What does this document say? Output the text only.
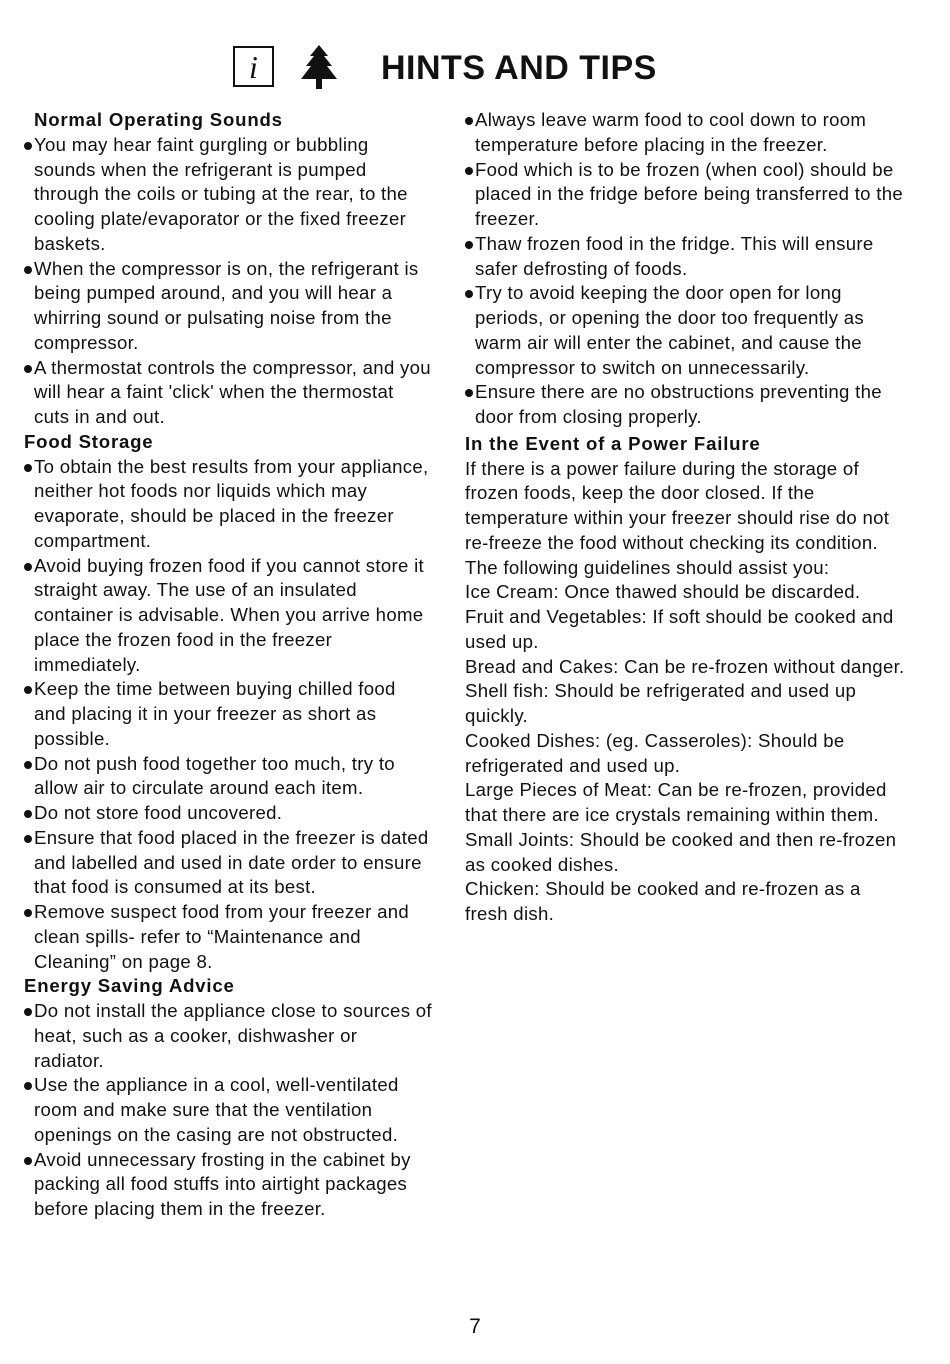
i	HINTS AND TIPS

Normal Operating Sounds

You may hear faint gurgling or bubbling sounds when the refrigerant is pumped through the coils or tubing at the rear, to the cooling plate/evaporator or the fixed freezer baskets.

When the compressor is on, the refrigerant is being pumped around, and you will hear a whirring sound or pulsating noise from the compressor.

A thermostat controls the compressor, and you will hear a faint 'click' when the thermostat cuts in and out.

Food Storage

To obtain the best results from your appliance, neither hot foods nor liquids which may evaporate, should be placed in the freezer compartment.

Avoid buying frozen food if you cannot store it straight away. The use of an insulated container is advisable. When you arrive home place the frozen food in the freezer immediately.

Keep the time between buying chilled food and placing it in your freezer as short as possible.

Do not push food together too much, try to allow air to circulate around each item.

Do not store food uncovered.

Ensure that food placed in the freezer is dated and labelled and used in date order to ensure that food is consumed at its best.

Remove suspect food from your freezer and clean spills- refer to “Maintenance and Cleaning” on page 8.

Energy Saving Advice

Do not install the appliance close to sources of heat, such as a cooker, dishwasher or radiator.

Use the appliance in a cool, well-ventilated room and make sure that the ventilation openings on the casing are not obstructed.

Avoid unnecessary frosting in the cabinet by packing all food stuffs into airtight packages before placing them in the freezer.

Always leave warm food to cool down to room temperature before placing in the freezer.

Food which is to be frozen (when cool) should be placed in the fridge before being transferred to the freezer.

Thaw frozen food in the fridge. This will ensure safer defrosting of foods.

Try to avoid keeping the door open for long periods, or opening the door too frequently as warm air will enter the cabinet, and cause the compressor to switch on unnecessarily.

Ensure there are no obstructions preventing the door from closing properly.

In the Event of a Power Failure

If there is a power failure during the storage of frozen foods, keep the door closed. If the temperature within your freezer should rise do not re-freeze the food without checking its condition.

The following guidelines should assist you:

Ice Cream: Once thawed should be discarded.

Fruit and Vegetables: If soft should be cooked and used up.

Bread and Cakes: Can be re-frozen without danger.

Shell fish: Should be refrigerated and used up quickly.

Cooked Dishes: (eg. Casseroles): Should be refrigerated and used up.

Large Pieces of Meat: Can be re-frozen, provided that there are ice crystals remaining within them.

Small Joints: Should be cooked and then re-frozen as cooked dishes.

Chicken: Should be cooked and re-frozen as a fresh dish.

7
